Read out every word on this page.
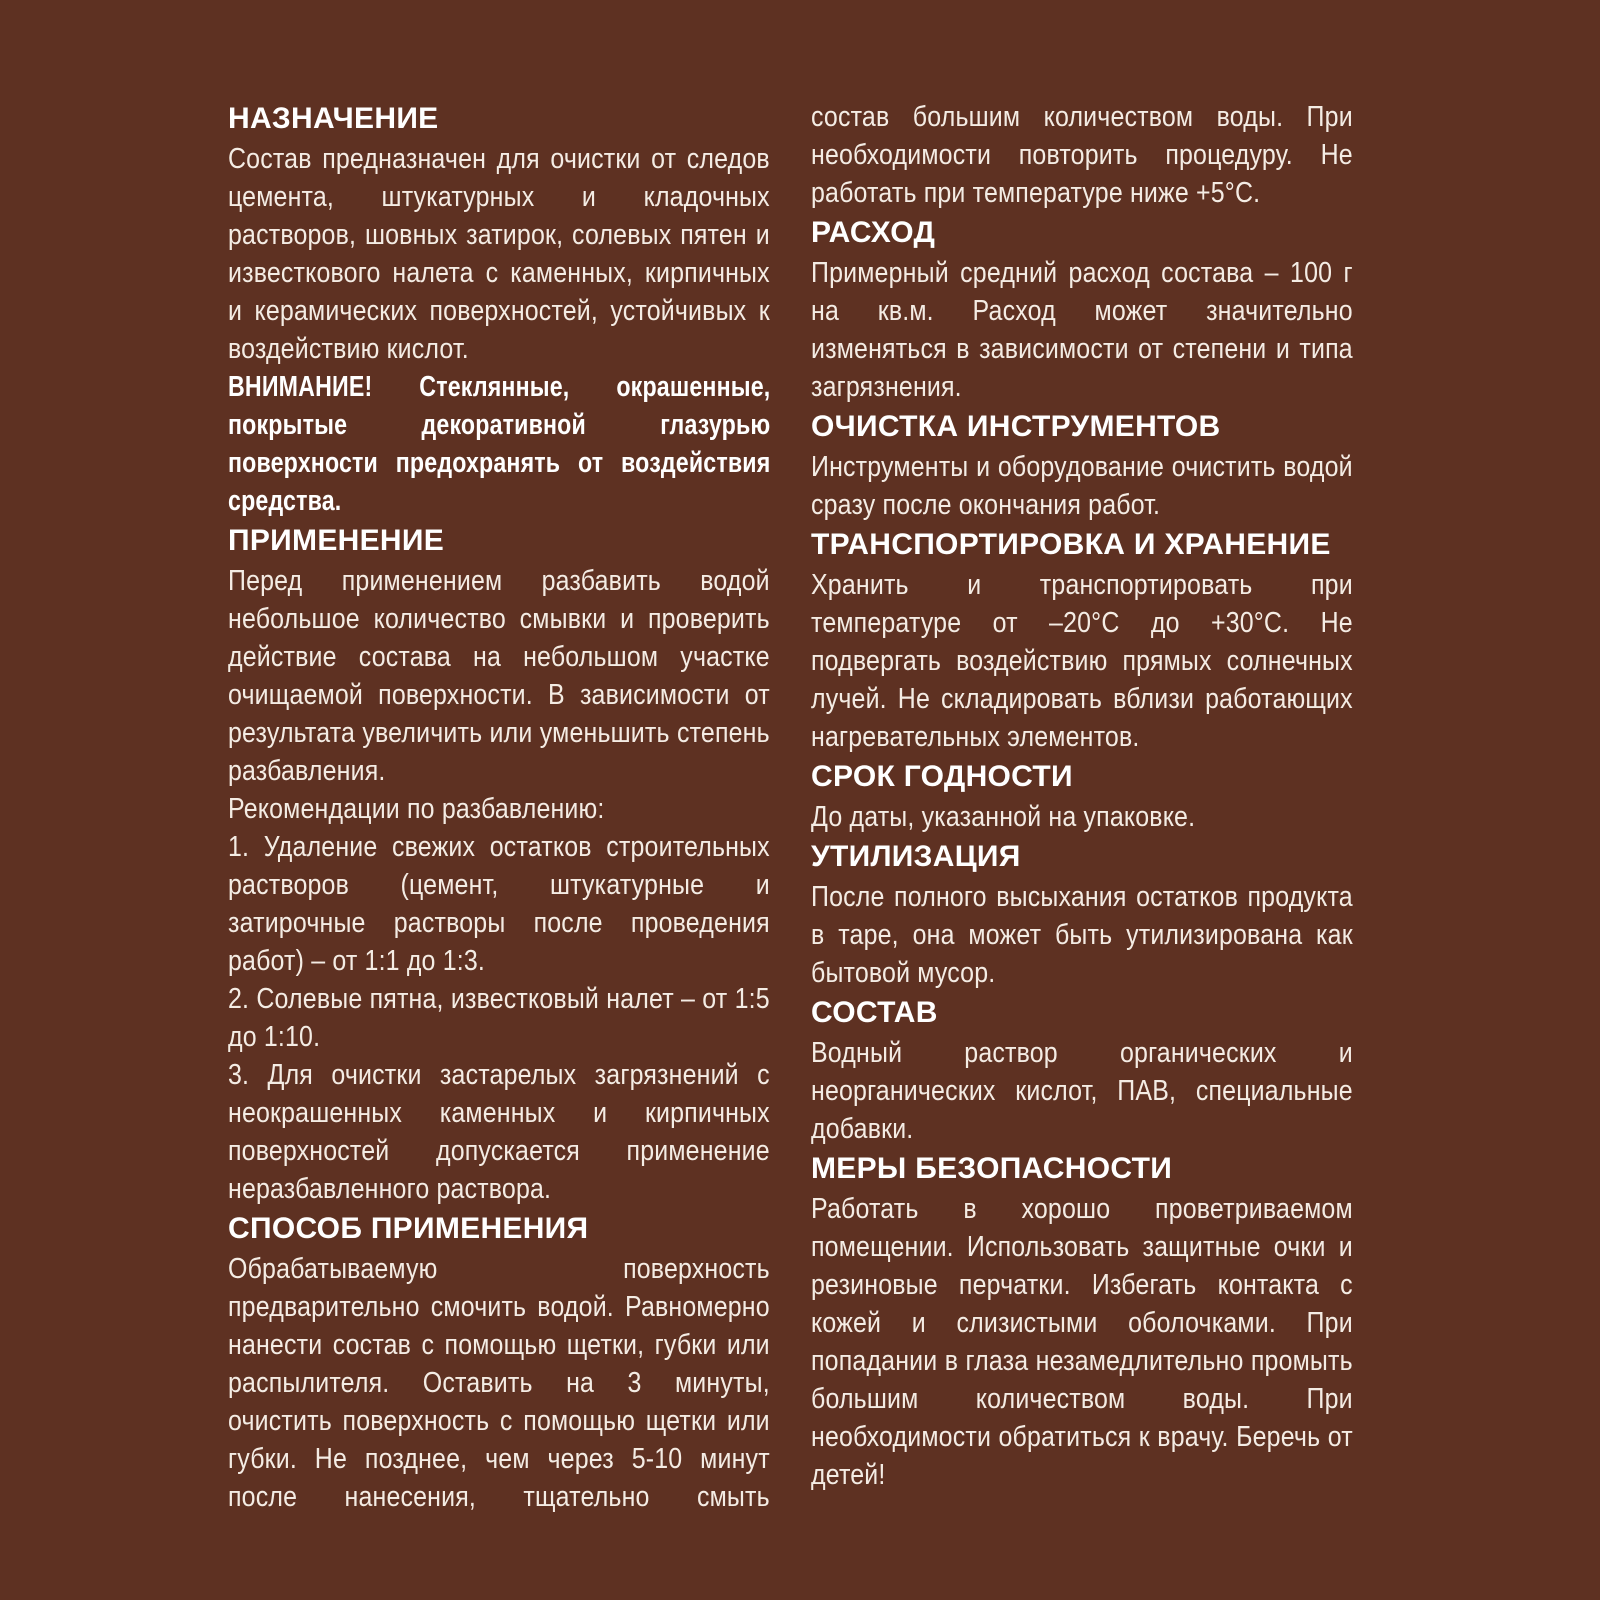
НАЗНАЧЕНИЕ

Состав предназначен для очистки от следов цемента, штукатурных и кладочных растворов, шовных затирок, солевых пятен и известкового налета с каменных, кирпичных и керамических поверхностей, устойчивых к воздействию кислот.

ВНИМАНИЕ! Стеклянные, окрашенные, покрытые декоративной глазурью поверхности предохранять от воздействия средства.

ПРИМЕНЕНИЕ

Перед применением разбавить водой небольшое количество смывки и проверить действие состава на небольшом участке очищаемой поверхности. В зависимости от результата увеличить или уменьшить степень разбавления.

Рекомендации по разбавлению:

1. Удаление свежих остатков строительных растворов (цемент, штукатурные и затирочные растворы после проведения работ) – от 1:1 до 1:3.

2. Солевые пятна, известковый налет – от 1:5 до 1:10.

3. Для очистки застарелых загрязнений с неокрашенных каменных и кирпичных поверхностей допускается применение неразбавленного раствора.

СПОСОБ ПРИМЕНЕНИЯ

Обрабатываемую поверхность предварительно смочить водой. Равномерно нанести состав с помощью щетки, губки или распылителя. Оставить на 3 минуты, очистить поверхность с помощью щетки или губки. Не позднее, чем через 5-10 минут после нанесения, тщательно смыть

состав большим количеством воды. При необходимости повторить процедуру. Не работать при температуре ниже +5°С.

РАСХОД

Примерный средний расход состава – 100 г на кв.м. Расход может значительно изменяться в зависимости от степени и типа загрязнения.

ОЧИСТКА ИНСТРУМЕНТОВ

Инструменты и оборудование очистить водой сразу после окончания работ.

ТРАНСПОРТИРОВКА И ХРАНЕНИЕ

Хранить и транспортировать при температуре от –20°С до +30°С. Не подвергать воздействию прямых солнечных лучей. Не складировать вблизи работающих нагревательных элементов.

СРОК ГОДНОСТИ

До даты, указанной на упаковке.

УТИЛИЗАЦИЯ

После полного высыхания остатков продукта в таре, она может быть утилизирована как бытовой мусор.

СОСТАВ

Водный раствор органических и неорганических кислот, ПАВ, специальные добавки.

МЕРЫ БЕЗОПАСНОСТИ

Работать в хорошо проветриваемом помещении. Использовать защитные очки и резиновые перчатки. Избегать контакта с кожей и слизистыми оболочками. При попадании в глаза незамедлительно промыть большим количеством воды. При необходимости обратиться к врачу. Беречь от детей!
